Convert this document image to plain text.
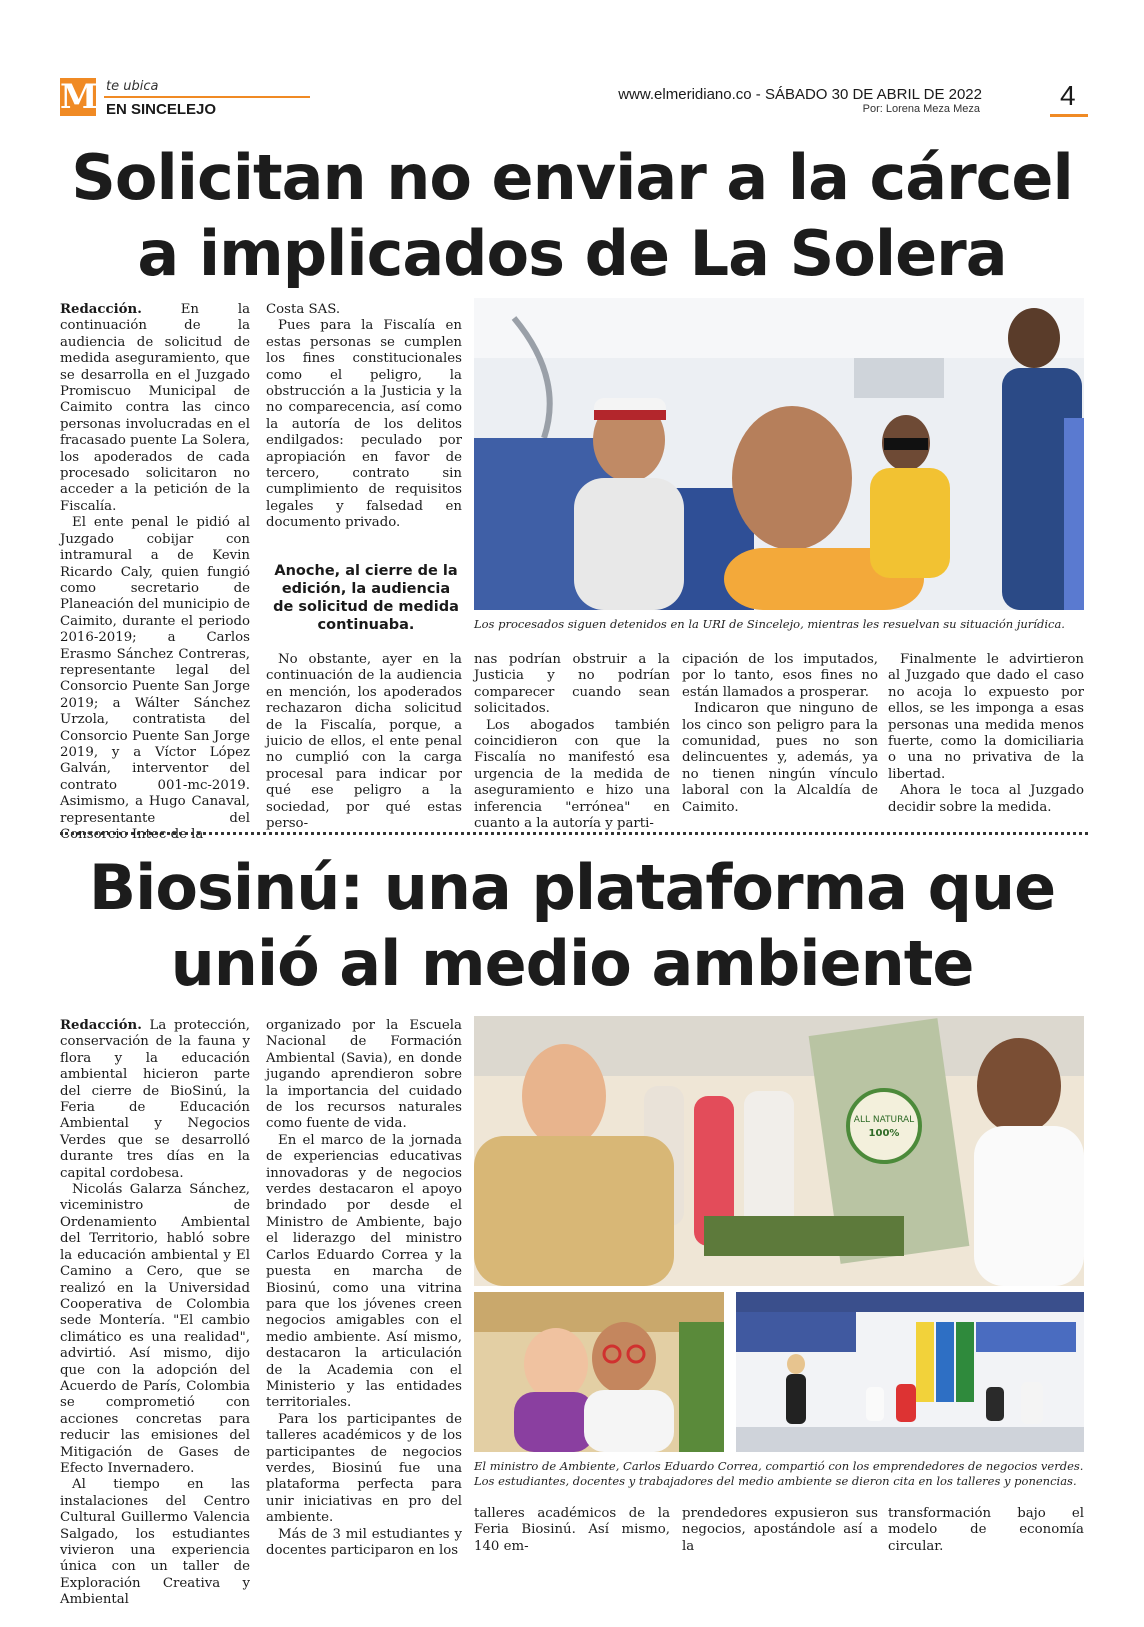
M te ubica
EN SINCELEJO
www.elmeridiano.co - SÁBADO 30 DE ABRIL DE 2022
Por: Lorena Meza Meza	4
Solicitan no enviar a la cárcel
a implicados de La Solera

Redacción.	En la continuación de la audiencia de solicitud de medida aseguramiento, que se desarrolla en el Juzgado Promiscuo Municipal de Caimito contra las cinco personas involucradas en el fracasado puente La Solera, los apoderados de cada procesado solicitaron no acceder a la petición de la Fiscalía.

El ente penal le pidió al Juzgado cobijar con intramural a de Kevin Ricardo Caly, quien fungió como secretario de Planeación del municipio de Caimito, durante el periodo 2016-2019; a Carlos Erasmo Sánchez Contreras, representante legal del Consorcio Puente San Jorge 2019; a Wálter Sánchez Urzola, contratista del Consorcio Puente San Jorge 2019, y a Víctor López Galván, interventor del contrato 001-mc-2019. Asimismo, a Hugo Canaval, representante del Consorcio Intec de la

Costa SAS.

Pues para la Fiscalía en estas personas se cumplen los fines constitucionales como el peligro, la obstrucción a la Justicia y la no comparecencia, así como la autoría de los delitos endilgados: peculado por apropiación en favor de tercero, contrato sin cumplimiento de requisitos legales y falsedad en documento privado.

Anoche, al cierre de la edición, la audiencia de solicitud de medida continuaba.	Los procesados siguen detenidos en la URI de Sincelejo, mientras les resuelvan su situación jurídica.

No obstante, ayer en la continuación de la audiencia en mención, los apoderados rechazaron dicha solicitud de la Fiscalía, porque, a juicio de ellos, el ente penal no cumplió con la carga procesal para indicar por qué ese peligro a la sociedad, por qué estas perso-

nas podrían obstruir a la Justicia y no podrían comparecer cuando sean solicitados.

Los abogados también coincidieron con que la Fiscalía no manifestó esa urgencia de la medida de aseguramiento e hizo una inferencia "errónea" en cuanto a la autoría y parti-

cipación de los imputados, por lo tanto, esos fines no están llamados a prosperar.

Indicaron que ninguno de los cinco son peligro para la comunidad, pues no son delincuentes y, además, ya no tienen ningún vínculo laboral con la Alcaldía de Caimito.

Finalmente le advirtieron al Juzgado que dado el caso no acoja lo expuesto por ellos, se les imponga a esas personas una medida menos fuerte, como la domiciliaria o una no privativa de la libertad.

Ahora le toca al Juzgado decidir sobre la medida.

Biosinú: una plataforma que
unió al medio ambiente

Redacción. La protección, conservación de la fauna y flora y la educación ambiental hicieron parte del cierre de BioSinú, la Feria de Educación Ambiental y Negocios Verdes que se desarrolló durante tres días en la capital cordobesa.

Nicolás Galarza Sánchez, viceministro de Ordenamiento Ambiental del Territorio, habló sobre la educación ambiental y El Camino a Cero, que se realizó en la Universidad Cooperativa de Colombia sede Montería. "El cambio climático es una realidad", advirtió. Así mismo, dijo que con la adopción del Acuerdo de París, Colombia se comprometió con acciones concretas para reducir las emisiones del Mitigación de Gases de Efecto Invernadero.

Al tiempo en las instalaciones del Centro Cultural Guillermo Valencia Salgado, los estudiantes vivieron una experiencia única con un taller de Exploración Creativa y Ambiental

organizado por la Escuela Nacional de Formación Ambiental (Savia), en donde jugando aprendieron sobre la importancia del cuidado de los recursos naturales como fuente de vida.

En el marco de la jornada de experiencias educativas innovadoras y de negocios verdes destacaron el apoyo brindado por desde el Ministro de Ambiente, bajo el liderazgo del ministro Carlos Eduardo Correa y la puesta en marcha de Biosinú, como una vitrina para que los jóvenes creen negocios amigables con el medio ambiente. Así mismo, destacaron la articulación de la Academia con el Ministerio y las entidades territoriales.

Para los participantes de talleres académicos y de los participantes de negocios verdes, Biosinú fue una plataforma perfecta para unir iniciativas en pro del ambiente.

Más de 3 mil estudiantes y docentes participaron en los

ALL NATURAL
100%
El ministro de Ambiente, Carlos Eduardo Correa, compartió con los emprendedores de negocios verdes. Los estudiantes, docentes y trabajadores del medio ambiente se dieron cita en los talleres y ponencias.

talleres académicos de la Feria Biosinú. Así mismo, 140 em-

prendedores expusieron sus negocios, apostándole así a la

transformación bajo el modelo de economía circular.
